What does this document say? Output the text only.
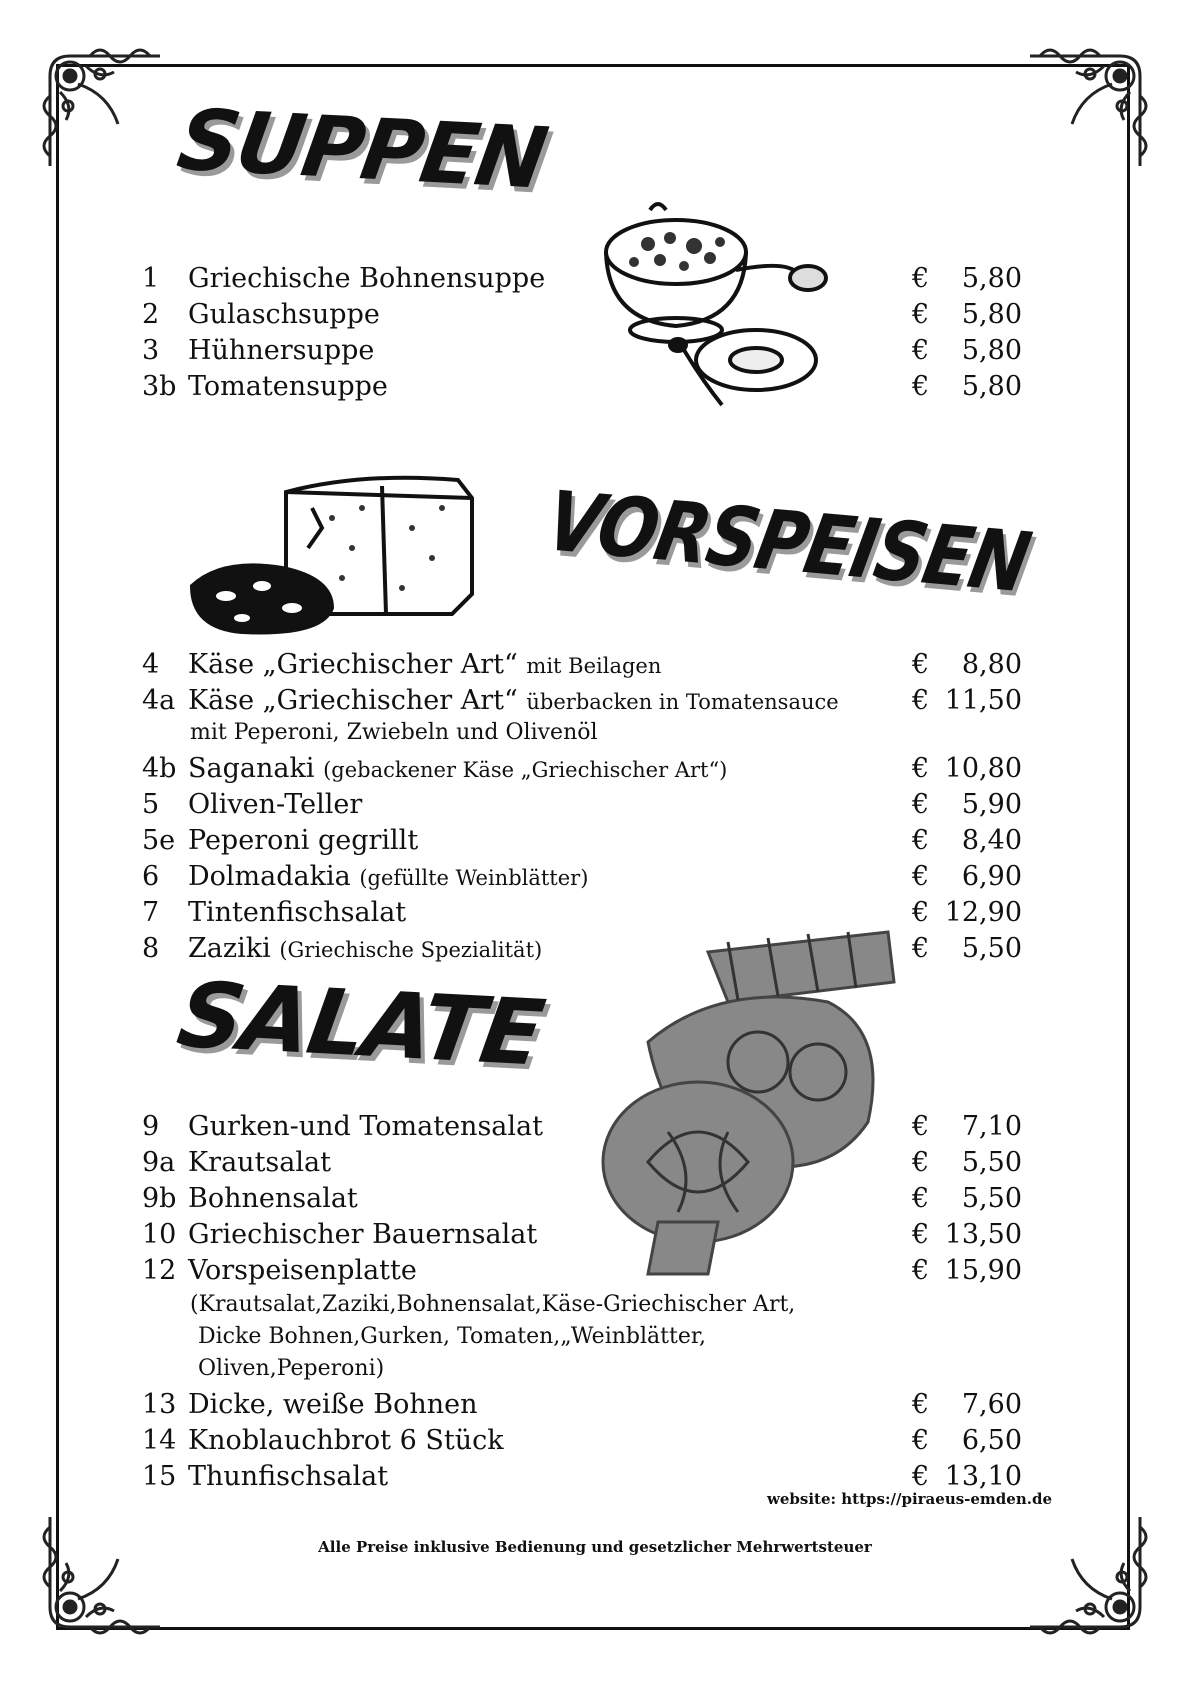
SUPPEN
VORSPEISEN
SALATE
1 Griechische Bohnensuppe	€ 5,80
2 Gulaschsuppe	€ 5,80
3 Hühnersuppe	€ 5,80
3b Tomatensuppe	€ 5,80
4 Käse „Griechischer Art“ mit Beilagen	€ 8,80
4a Käse „Griechischer Art“ überbacken in Tomatensauce	€ 11,50
mit Peperoni, Zwiebeln und Olivenöl
4b Saganaki (gebackener Käse „Griechischer Art“)	€ 10,80
5 Oliven-Teller	€ 5,90
5e Peperoni gegrillt	€ 8,40
6 Dolmadakia (gefüllte Weinblätter)	€ 6,90
7 Tintenfischsalat	€ 12,90
8 Zaziki (Griechische Spezialität)	€ 5,50
9 Gurken-und Tomatensalat	€ 7,10
9a Krautsalat	€ 5,50
9b Bohnensalat	€ 5,50
10 Griechischer Bauernsalat	€ 13,50
12 Vorspeisenplatte	€ 15,90
(Krautsalat,Zaziki,Bohnensalat,Käse-Griechischer Art,
Dicke Bohnen,Gurken, Tomaten,„Weinblätter,
Oliven,Peperoni)
13 Dicke, weiße Bohnen	€ 7,60
14 Knoblauchbrot 6 Stück	€ 6,50
15 Thunfischsalat	€ 13,10
website: https://piraeus-emden.de
Alle Preise inklusive Bedienung und gesetzlicher Mehrwertsteuer
